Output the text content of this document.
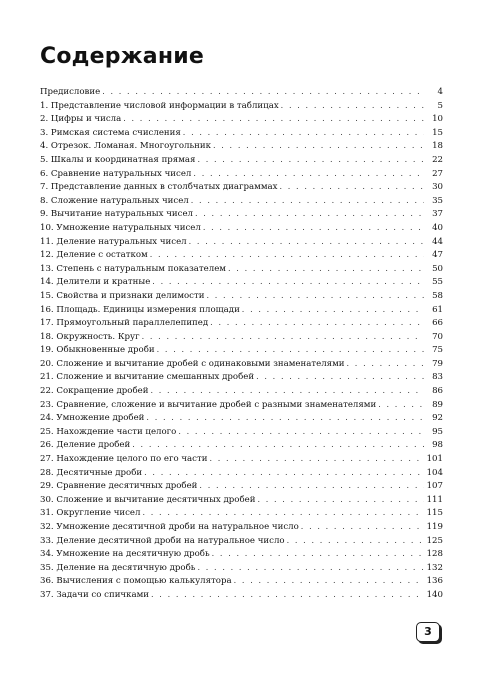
Содержание
Предисловие . . .	4
1. Представление числовой информации в таблицах . . .	5
2. Цифры и числа . . .	10
3. Римская система счисления . . .	15
4. Отрезок. Ломаная. Многоугольник . . .	18
5. Шкалы и координатная прямая . . .	22
6. Сравнение натуральных чисел . . .	27
7. Представление данных в столбчатых диаграммах . . .	30
8. Сложение натуральных чисел . . .	35
9. Вычитание натуральных чисел . . .	37
10. Умножение натуральных чисел . . .	40
11. Деление натуральных чисел . . .	44
12. Деление с остатком . . .	47
13. Степень с натуральным показателем . . .	50
14. Делители и кратные . . .	55
15. Свойства и признаки делимости . . .	58
16. Площадь. Единицы измерения площади . . .	61
17. Прямоугольный параллелепипед . . .	66
18. Окружность. Круг . . .	70
19. Обыкновенные дроби . . .	75
20. Сложение и вычитание дробей с одинаковыми знаменателями . . .	79
21. Сложение и вычитание смешанных дробей . . .	83
22. Сокращение дробей . . .	86
23. Сравнение, сложение и вычитание дробей с разными знаменателями . . .	89
24. Умножение дробей . . .	92
25. Нахождение части целого . . .	95
26. Деление дробей . . .	98
27. Нахождение целого по его части . . .	101
28. Десятичные дроби . . .	104
29. Сравнение десятичных дробей . . .	107
30. Сложение и вычитание десятичных дробей . . .	111
31. Округление чисел . . .	115
32. Умножение десятичной дроби на натуральное число . . .	119
33. Деление десятичной дроби на натуральное число . . .	125
34. Умножение на десятичную дробь . . .	128
35. Деление на десятичную дробь . . .	132
36. Вычисления с помощью калькулятора . . .	136
37. Задачи со спичками . . .	140
3
